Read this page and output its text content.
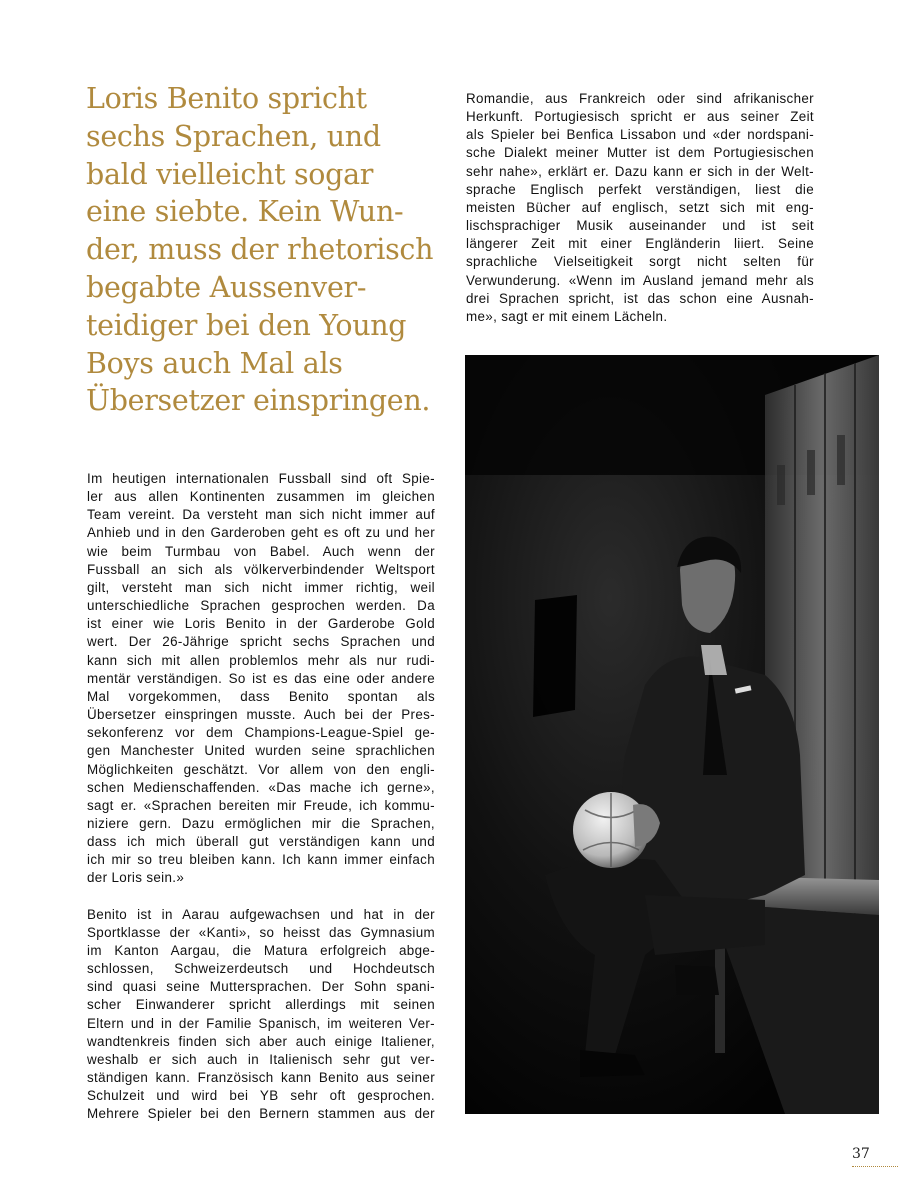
Loris Benito spricht
sechs Sprachen, und
bald vielleicht sogar
eine siebte. Kein Wun-
der, muss der rhetorisch
begabte Aussenver-
teidiger bei den Young
Boys auch Mal als
Übersetzer einspringen.
Im heutigen internationalen Fussball sind oft Spie-
ler aus allen Kontinenten zusammen im gleichen
Team vereint. Da versteht man sich nicht immer auf
Anhieb und in den Garderoben geht es oft zu und her
wie beim Turmbau von Babel. Auch wenn der
Fussball an sich als völkerverbindender Weltsport
gilt, versteht man sich nicht immer richtig, weil
unterschiedliche Sprachen gesprochen werden. Da
ist einer wie Loris Benito in der Garderobe Gold
wert. Der 26-Jährige spricht sechs Sprachen und
kann sich mit allen problemlos mehr als nur rudi-
mentär verständigen. So ist es das eine oder andere
Mal vorgekommen, dass Benito spontan als
Übersetzer einspringen musste. Auch bei der Pres-
sekonferenz vor dem Champions-League-Spiel ge-
gen Manchester United wurden seine sprachlichen
Möglichkeiten geschätzt. Vor allem von den engli-
schen Medienschaffenden. «Das mache ich gerne»,
sagt er. «Sprachen bereiten mir Freude, ich kommu-
niziere gern. Dazu ermöglichen mir die Sprachen,
dass ich mich überall gut verständigen kann und
ich mir so treu bleiben kann. Ich kann immer einfach
der Loris sein.»
Benito ist in Aarau aufgewachsen und hat in der
Sportklasse der «Kanti», so heisst das Gymnasium
im Kanton Aargau, die Matura erfolgreich abge-
schlossen, Schweizerdeutsch und Hochdeutsch
sind quasi seine Muttersprachen. Der Sohn spani-
scher Einwanderer spricht allerdings mit seinen
Eltern und in der Familie Spanisch, im weiteren Ver-
wandtenkreis finden sich aber auch einige Italiener,
weshalb er sich auch in Italienisch sehr gut ver-
ständigen kann. Französisch kann Benito aus seiner
Schulzeit und wird bei YB sehr oft gesprochen.
Mehrere Spieler bei den Bernern stammen aus der
Romandie, aus Frankreich oder sind afrikanischer
Herkunft. Portugiesisch spricht er aus seiner Zeit
als Spieler bei Benfica Lissabon und «der nordspani-
sche Dialekt meiner Mutter ist dem Portugiesischen
sehr nahe», erklärt er. Dazu kann er sich in der Welt-
sprache Englisch perfekt verständigen, liest die
meisten Bücher auf englisch, setzt sich mit eng-
lischsprachiger Musik auseinander und ist seit
längerer Zeit mit einer Engländerin liiert. Seine
sprachliche Vielseitigkeit sorgt nicht selten für
Verwunderung. «Wenn im Ausland jemand mehr als
drei Sprachen spricht, ist das schon eine Ausnah-
me», sagt er mit einem Lächeln.
37
